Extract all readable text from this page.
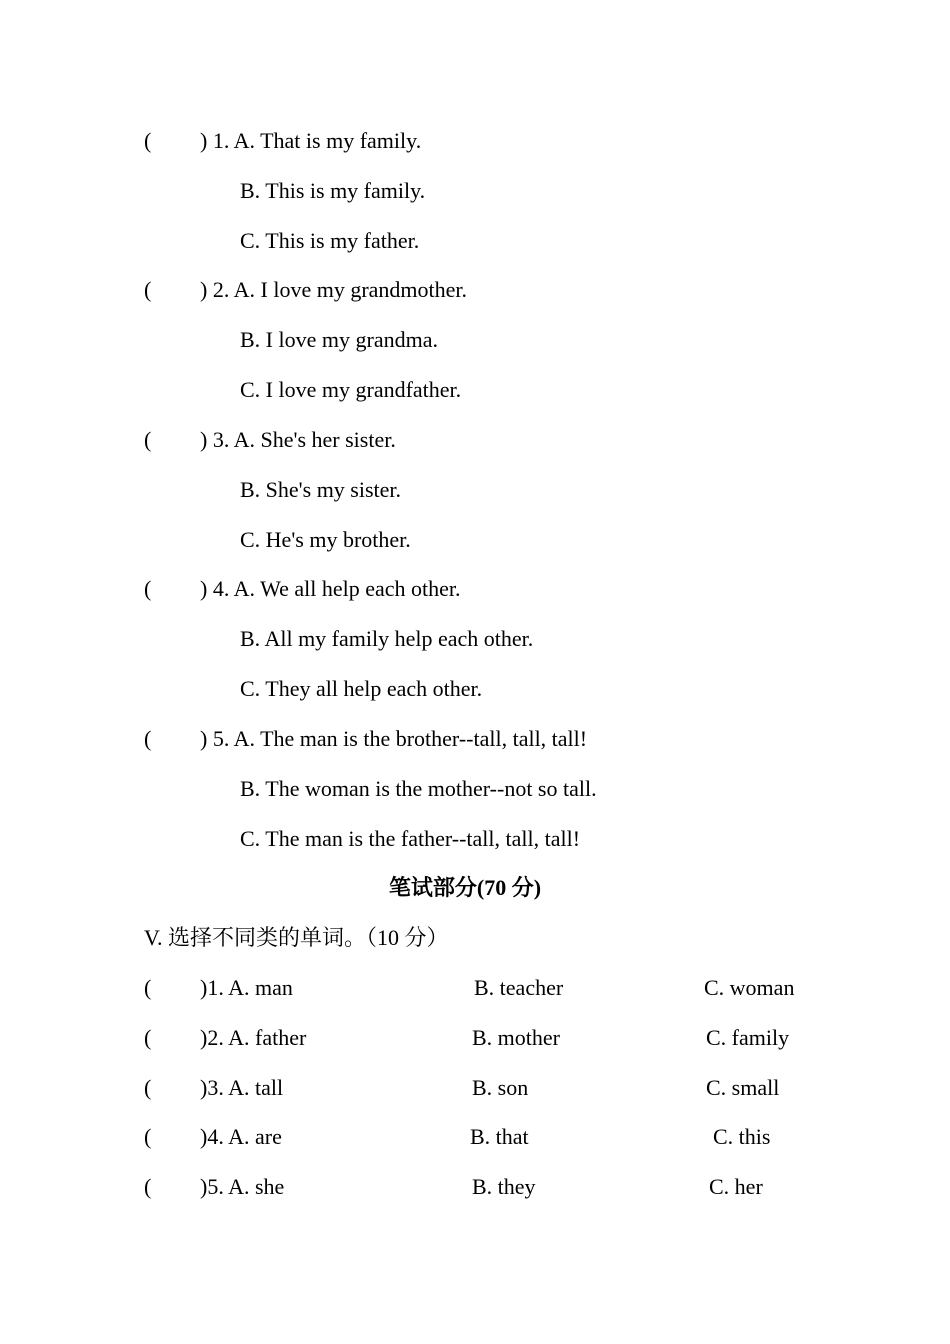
( ) 1. A. That is my family.
B. This is my family.
C. This is my father.
( ) 2. A. I love my grandmother.
B. I love my grandma.
C. I love my grandfather.
( ) 3. A. She's her sister.
B. She's my sister.
C. He's my brother.
( ) 4. A. We all help each other.
B. All my family help each other.
C. They all help each other.
( ) 5. A. The man is the brother--tall, tall, tall!
B. The woman is the mother--not so tall.
C. The man is the father--tall, tall, tall!
笔试部分(70 分)
V. 选择不同类的单词。（10 分）
( )1. A. man	B. teacher	C. woman
( )2. A. father	B. mother	C. family
( )3. A. tall	B. son	C. small
( )4. A. are	B. that	C. this
( )5. A. she	B. they	C. her
